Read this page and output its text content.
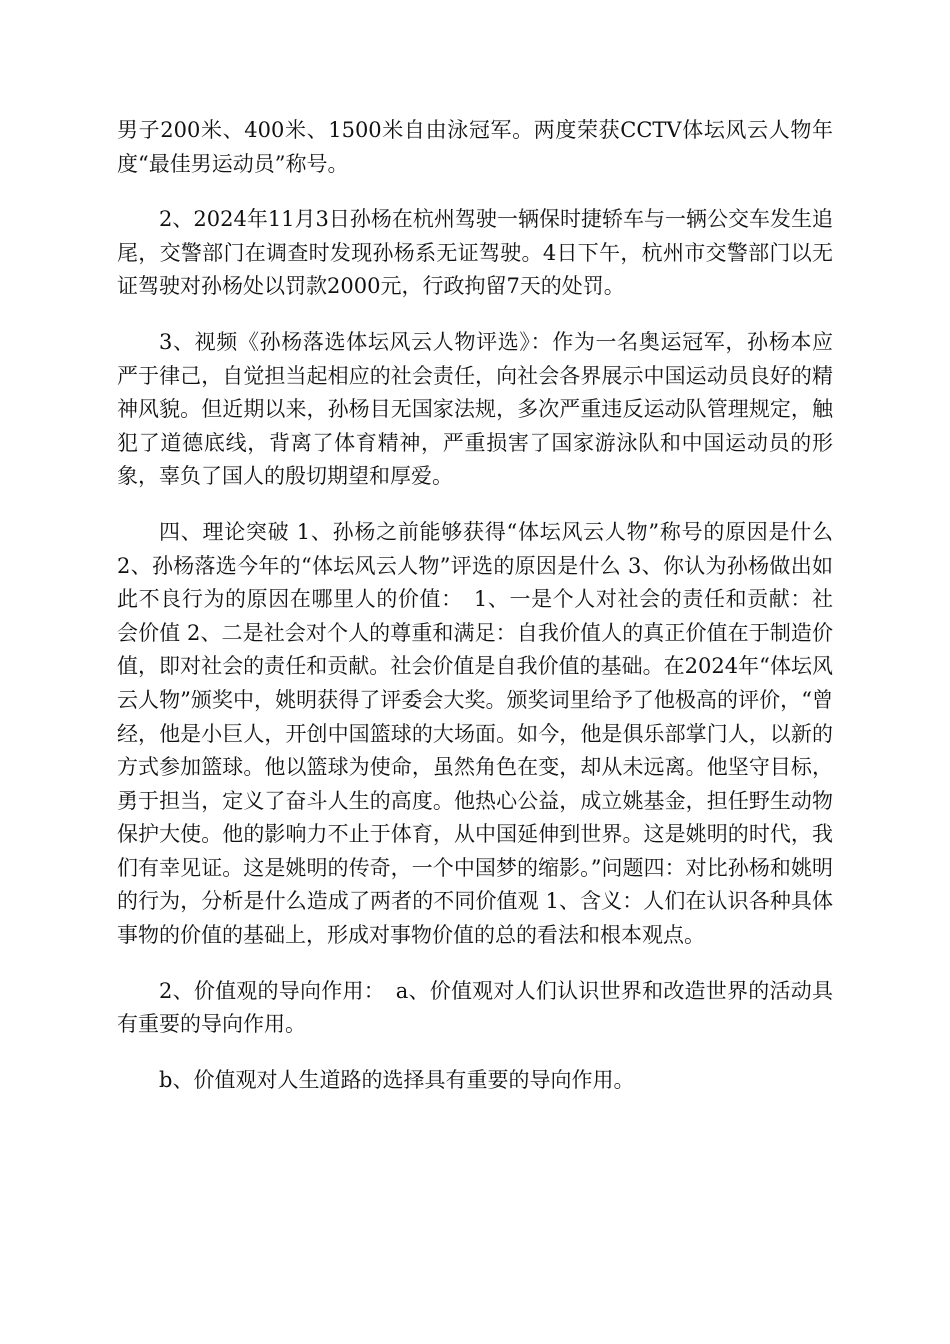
男子200米、400米、1500米自由泳冠军。两度荣获CCTV体坛风云人物年度“最佳男运动员”称号。

2、2024年11月3日孙杨在杭州驾驶一辆保时捷轿车与一辆公交车发生追尾，交警部门在调查时发现孙杨系无证驾驶。4日下午，杭州市交警部门以无证驾驶对孙杨处以罚款2000元，行政拘留7天的处罚。

3、视频《孙杨落选体坛风云人物评选》：作为一名奥运冠军，孙杨本应严于律己，自觉担当起相应的社会责任，向社会各界展示中国运动员良好的精神风貌。但近期以来，孙杨目无国家法规，多次严重违反运动队管理规定，触犯了道德底线，背离了体育精神，严重损害了国家游泳队和中国运动员的形象，辜负了国人的殷切期望和厚爱。

四、理论突破 1、孙杨之前能够获得“体坛风云人物”称号的原因是什么 2、孙杨落选今年的“体坛风云人物”评选的原因是什么 3、你认为孙杨做出如此不良行为的原因在哪里人的价值：　1、一是个人对社会的责任和贡献：社会价值 2、二是社会对个人的尊重和满足：自我价值人的真正价值在于制造价值，即对社会的责任和贡献。社会价值是自我价值的基础。在2024年“体坛风云人物”颁奖中，姚明获得了评委会大奖。颁奖词里给予了他极高的评价，“曾经，他是小巨人，开创中国篮球的大场面。如今，他是俱乐部掌门人，以新的方式参加篮球。他以篮球为使命，虽然角色在变，却从未远离。他坚守目标，勇于担当，定义了奋斗人生的高度。他热心公益，成立姚基金，担任野生动物保护大使。他的影响力不止于体育，从中国延伸到世界。这是姚明的时代，我们有幸见证。这是姚明的传奇，一个中国梦的缩影。”问题四：对比孙杨和姚明的行为，分析是什么造成了两者的不同价值观 1、含义：人们在认识各种具体事物的价值的基础上，形成对事物价值的总的看法和根本观点。

2、价值观的导向作用：　a、价值观对人们认识世界和改造世界的活动具有重要的导向作用。

b、价值观对人生道路的选择具有重要的导向作用。
